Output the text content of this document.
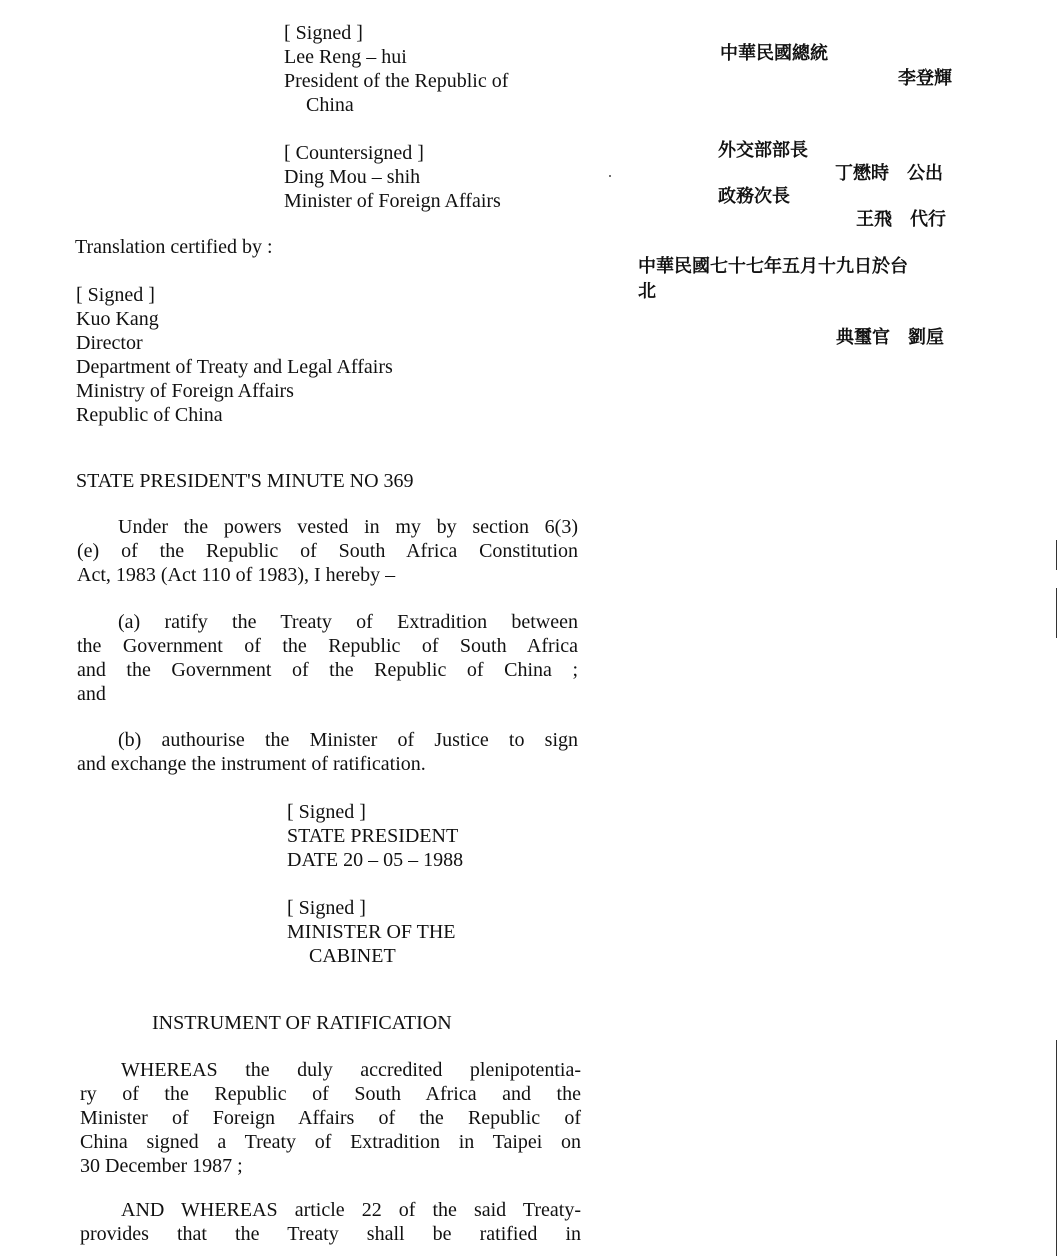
[ Signed ]
Lee Reng – hui
President of the Republic of
China
[ Countersigned ]
Ding Mou – shih
Minister of Foreign Affairs
Translation certified by :
[ Signed ]
Kuo Kang
Director
Department of Treaty and Legal Affairs
Ministry of Foreign Affairs
Republic of China
STATE PRESIDENT'S MINUTE NO 369
Under the powers vested in my by section 6(3)
(e) of the Republic of South Africa Constitution
Act, 1983 (Act 110 of 1983), I hereby –
(a) ratify the Treaty of Extradition between
the Government of the Republic of South Africa
and the Government of the Republic of China ;
and
(b) authourise the Minister of Justice to sign
and exchange the instrument of ratification.
[ Signed ]
STATE PRESIDENT
DATE 20 – 05 – 1988
[ Signed ]
MINISTER OF THE
CABINET
INSTRUMENT OF RATIFICATION
WHEREAS the duly accredited plenipotentia-
ry of the Republic of South Africa and the
Minister of Foreign Affairs of the Republic of
China signed a Treaty of Extradition in Taipei on
30 December 1987 ;
AND WHEREAS article 22 of the said Treaty-
provides that the Treaty shall be ratified in
中華民國總統
李登輝
外交部部長
丁懋時　公出
政務次長
王飛　代行
中華民國七十七年五月十九日於台
北
典璽官　劉垕
